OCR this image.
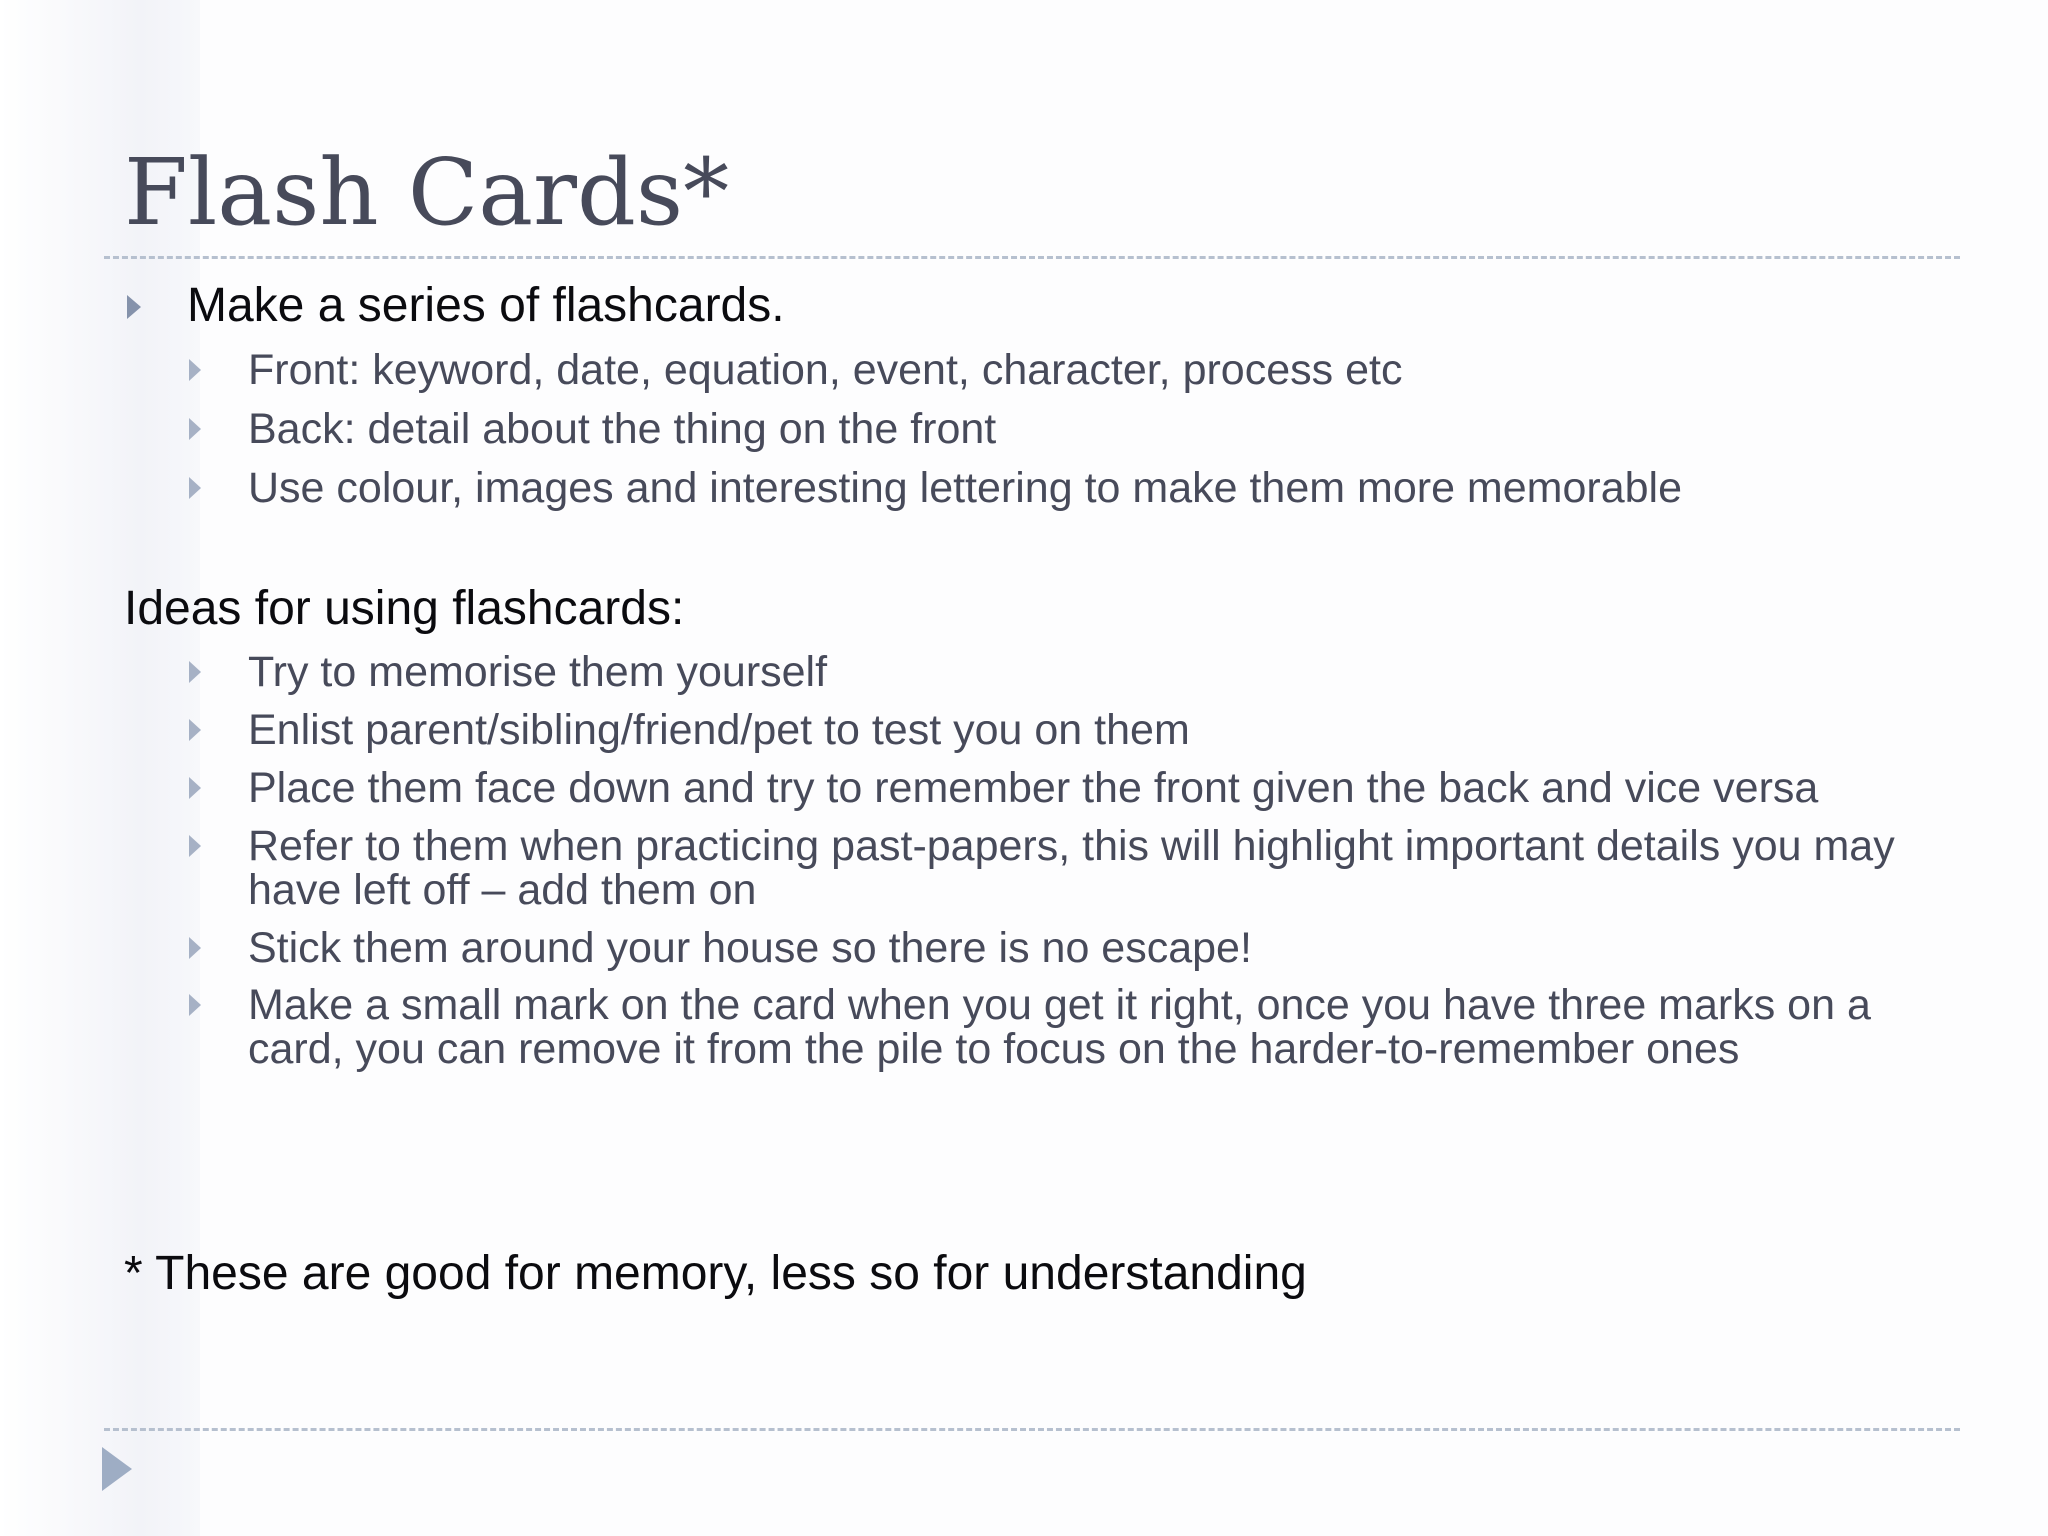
Flash Cards*

Make a series of flashcards.

Front: keyword, date, equation, event, character, process etc

Back: detail about the thing on the front

Use colour, images and interesting lettering to make them more memorable

Ideas for using flashcards:

Try to memorise them yourself

Enlist parent/sibling/friend/pet to test you on them

Place them face down and try to remember the front given the back and vice versa

Refer to them when practicing past-papers, this will highlight important details you may have left off – add them on

Stick them around your house so there is no escape!

Make a small mark on the card when you get it right, once you have three marks on a card, you can remove it from the pile to focus on the harder-to-remember ones

* These are good for memory, less so for understanding
